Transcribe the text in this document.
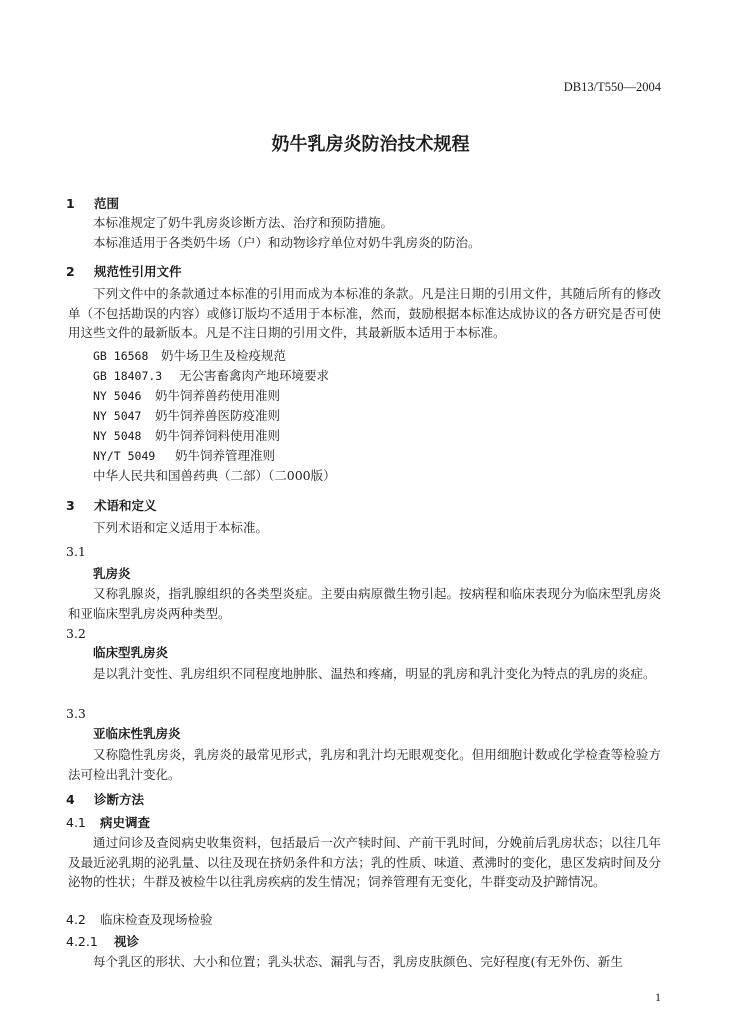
DB13/T550—2004
奶牛乳房炎防治技术规程
1 范围
本标准规定了奶牛乳房炎诊断方法、治疗和预防措施。
本标准适用于各类奶牛场（户）和动物诊疗单位对奶牛乳房炎的防治。
2 规范性引用文件
下列文件中的条款通过本标准的引用而成为本标准的条款。凡是注日期的引用文件，其随后所有的修改单（不包括勘误的内容）或修订版均不适用于本标准，然而，鼓励根据本标准达成协议的各方研究是否可使用这些文件的最新版本。凡是不注日期的引用文件，其最新版本适用于本标准。
GB 16568 奶牛场卫生及检疫规范
GB 18407.3 无公害畜禽肉产地环境要求
NY 5046 奶牛饲养兽药使用准则
NY 5047 奶牛饲养兽医防疫准则
NY 5048 奶牛饲养饲料使用准则
NY/T 5049 奶牛饲养管理准则
中华人民共和国兽药典（二部）（二000版）
3 术语和定义
下列术语和定义适用于本标准。
3.1
乳房炎
又称乳腺炎，指乳腺组织的各类型炎症。主要由病原微生物引起。按病程和临床表现分为临床型乳房炎和亚临床型乳房炎两种类型。
3.2
临床型乳房炎
是以乳汁变性、乳房组织不同程度地肿胀、温热和疼痛，明显的乳房和乳汁变化为特点的乳房的炎症。
3.3
亚临床性乳房炎
又称隐性乳房炎，乳房炎的最常见形式，乳房和乳汁均无眼观变化。但用细胞计数或化学检查等检验方法可检出乳汁变化。
4 诊断方法
4.1 病史调查
通过问诊及查阅病史收集资料，包括最后一次产犊时间、产前干乳时间，分娩前后乳房状态；以往几年及最近泌乳期的泌乳量、以往及现在挤奶条件和方法；乳的性质、味道、煮沸时的变化，患区发病时间及分泌物的性状；牛群及被检牛以往乳房疾病的发生情况；饲养管理有无变化，牛群变动及护蹄情况。
4.2 临床检查及现场检验
4.2.1 视诊
每个乳区的形状、大小和位置；乳头状态、漏乳与否，乳房皮肤颜色、完好程度(有无外伤、新生
1
